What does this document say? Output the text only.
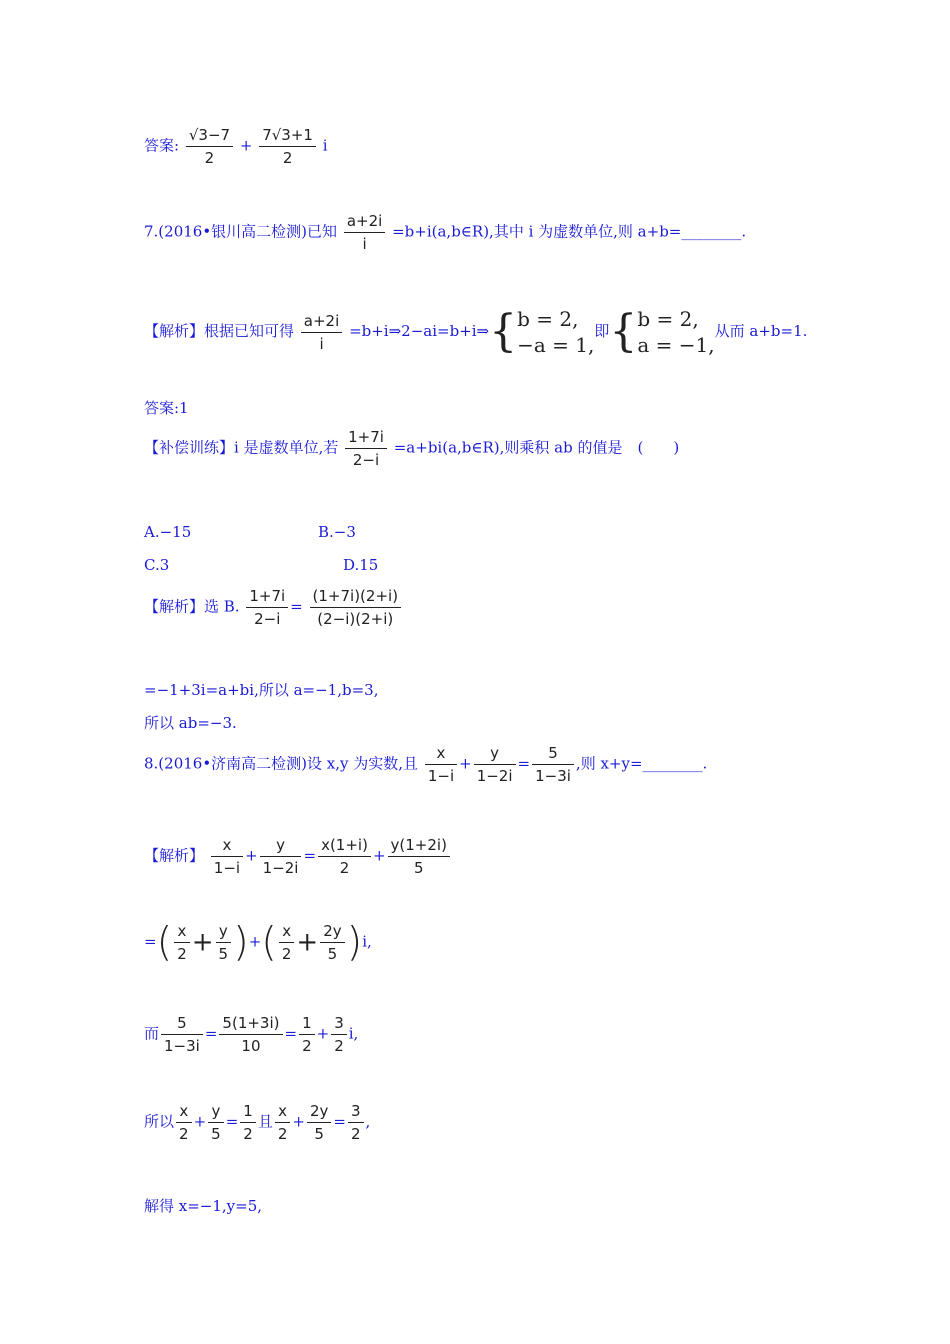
答案: $\frac{√3-7}{2} + \frac{7√3+1}{2}$ i
7.(2016•银川高二检测)已知 $\frac{a+2i}{i}$ =b+i(a,b∈R),其中 i 为虚数单位,则 a+b=________.
【解析】根据已知可得 $\frac{a+2i}{i}$ =b+i⇒2−ai=b+i⇒{ b = 2,
−a = 1,
即{ b = 2,
a = −1,
从而 a+b=1.
答案:1
【补偿训练】i 是虚数单位,若 $\frac{1+7i}{2-i}$ =a+bi(a,b∈R),则乘积 ab 的值是　(　　)
A.−15	B.−3
C.3	D.15
【解析】选 B. $\frac{1+7i}{2-i} = \frac{(1+7i)(2+i)}{(2-i)(2+i)}$
=−1+3i=a+bi,所以 a=−1,b=3,
所以 ab=−3.
8.(2016•济南高二检测)设 x,y 为实数,且 $\frac{x}{1-i} + \frac{y}{1-2i} = \frac{5}{1-3i}$ ,则 x+y=________.
【解析】 $\frac{x}{1-i} + \frac{y}{1-2i} = \frac{x(1+i)}{2} + \frac{y(1+2i)}{5}$
=( $\frac{x}{2} + \frac{y}{5}$ )+( $\frac{x}{2} + \frac{2y}{5} )i$,
而 $\frac{5}{1-3i} = \frac{5(1+3i)}{10} = \frac{1}{2} + \frac{3}{2} i$,
所以 $\frac{x}{2} + \frac{y}{5} = \frac{1}{2}$ 且 $\frac{x}{2} + \frac{2y}{5} = \frac{3}{2}$ ,
解得 x=−1,y=5,
